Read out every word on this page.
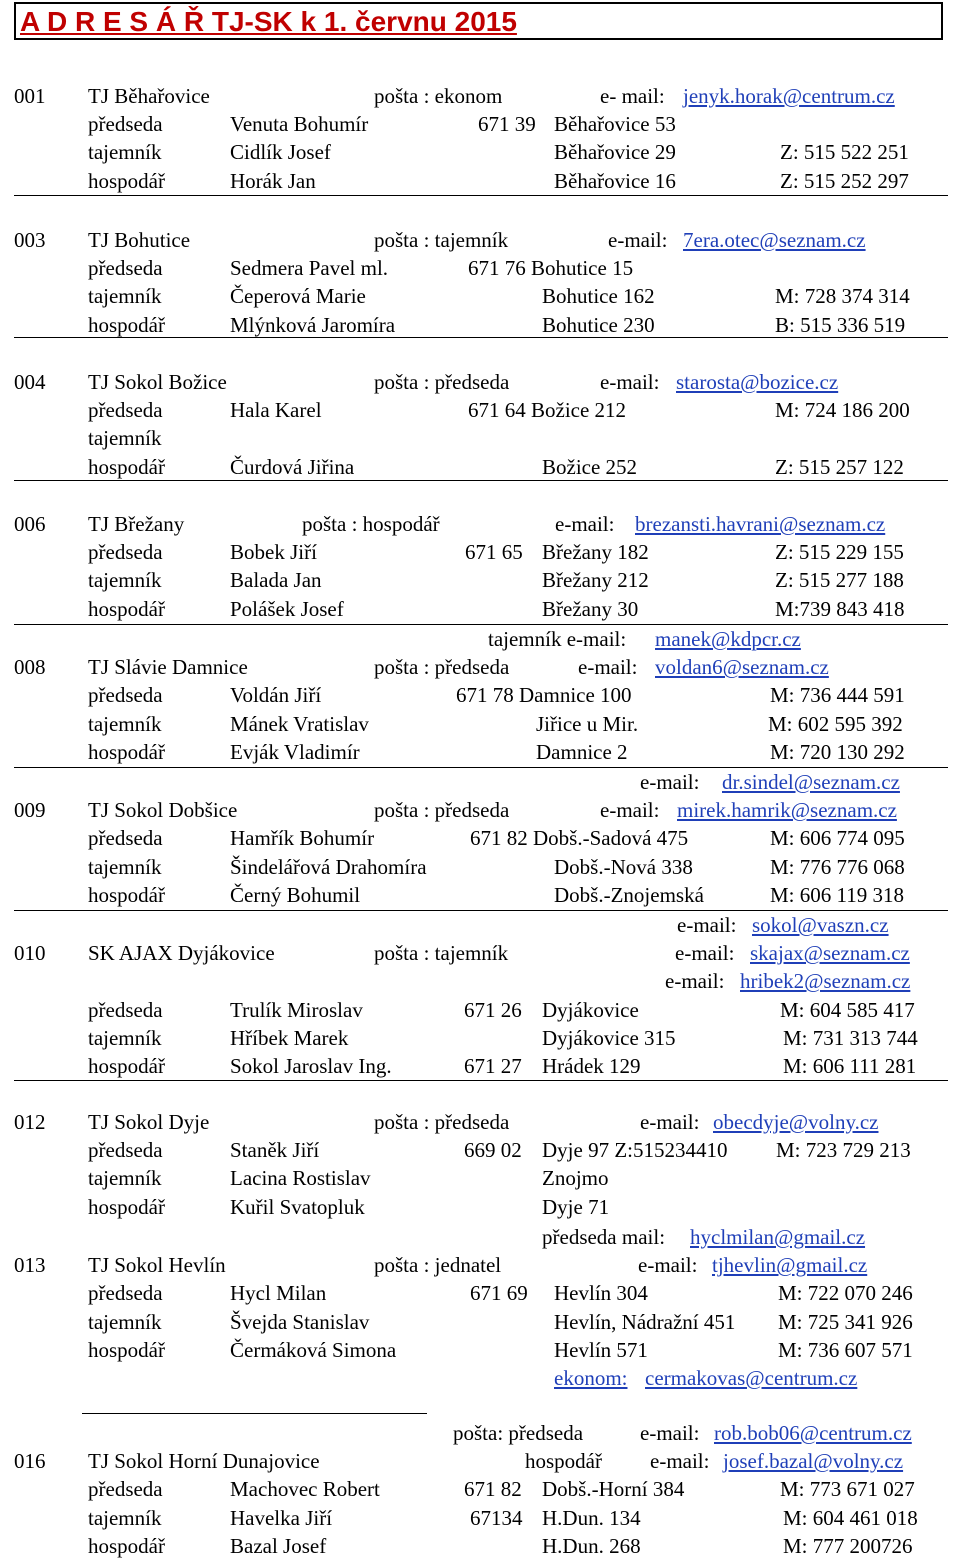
A D R E S Á Ř TJ-SK k 1. červnu 2015
001 TJ Běhařovice	pošta : ekonom	e- mail: jenyk.horak@centrum.cz
předseda	Venuta Bohumír	671 39 Běhařovice 53
tajemník	Cidlík Josef	Běhařovice 29	Z: 515 522 251
hospodář	Horák Jan	Běhařovice 16	Z: 515 252 297
003 TJ Bohutice	pošta : tajemník	e-mail: 7era.otec@seznam.cz
předseda	Sedmera Pavel ml.	671 76 Bohutice 15
tajemník	Čeperová Marie	Bohutice 162	M: 728 374 314
hospodář	Mlýnková Jaromíra	Bohutice 230	B: 515 336 519
004 TJ Sokol Božice	pošta : předseda	e-mail: starosta@bozice.cz
předseda	Hala Karel	671 64 Božice 212	M: 724 186 200
tajemník
hospodář	Čurdová Jiřina	Božice 252	Z: 515 257 122
006 TJ Břežany	pošta : hospodář	e-mail: brezansti.havrani@seznam.cz
předseda	Bobek Jiří	671 65 Břežany 182	Z: 515 229 155
tajemník	Balada Jan	Břežany 212	Z: 515 277 188
hospodář	Polášek Josef	Břežany 30	M:739 843 418
tajemník e-mail: manek@kdpcr.cz
008 TJ Slávie Damnice	pošta : předseda	e-mail: voldan6@seznam.cz
předseda	Voldán Jiří	671 78 Damnice 100	M: 736 444 591
tajemník	Mánek Vratislav	Jiřice u Mir.	M: 602 595 392
hospodář	Evják Vladimír	Damnice 2	M: 720 130 292
e-mail: dr.sindel@seznam.cz
009 TJ Sokol Dobšice	pošta : předseda	e-mail: mirek.hamrik@seznam.cz
předseda	Hamřík Bohumír	671 82 Dobš.-Sadová 475	M: 606 774 095
tajemník	Šindelářová Drahomíra	Dobš.-Nová 338	M: 776 776 068
hospodář	Černý Bohumil	Dobš.-Znojemská	M: 606 119 318
e-mail: sokol@vaszn.cz
010 SK AJAX Dyjákovice	pošta : tajemník	e-mail: skajax@seznam.cz
e-mail: hribek2@seznam.cz
předseda	Trulík Miroslav	671 26 Dyjákovice	M: 604 585 417
tajemník	Hříbek Marek	Dyjákovice 315	M: 731 313 744
hospodář	Sokol Jaroslav Ing.	671 27 Hrádek 129	M: 606 111 281
012 TJ Sokol Dyje	pošta : předseda	e-mail: obecdyje@volny.cz
předseda	Staněk Jiří	669 02 Dyje 97 Z:515234410 M: 723 729 213
tajemník	Lacina Rostislav	Znojmo
hospodář	Kuřil Svatopluk	Dyje 71
předseda mail: hyclmilan@gmail.cz
013 TJ Sokol Hevlín	pošta : jednatel	e-mail: tjhevlin@gmail.cz
předseda	Hycl Milan	671 69 Hevlín 304	M: 722 070 246
tajemník	Švejda Stanislav	Hevlín, Nádražní 451 M: 725 341 926
hospodář	Čermáková Simona	Hevlín 571	M: 736 607 571
ekonom: cermakovas@centrum.cz
pošta: předseda	e-mail: rob.bob06@centrum.cz
016 TJ Sokol Horní Dunajovice	hospodář e-mail: josef.bazal@volny.cz
předseda	Machovec Robert	671 82 Dobš.-Horní 384	M: 773 671 027
tajemník	Havelka Jiří	67134 H.Dun. 134	M: 604 461 018
hospodář	Bazal Josef	H.Dun. 268	M: 777 200726
